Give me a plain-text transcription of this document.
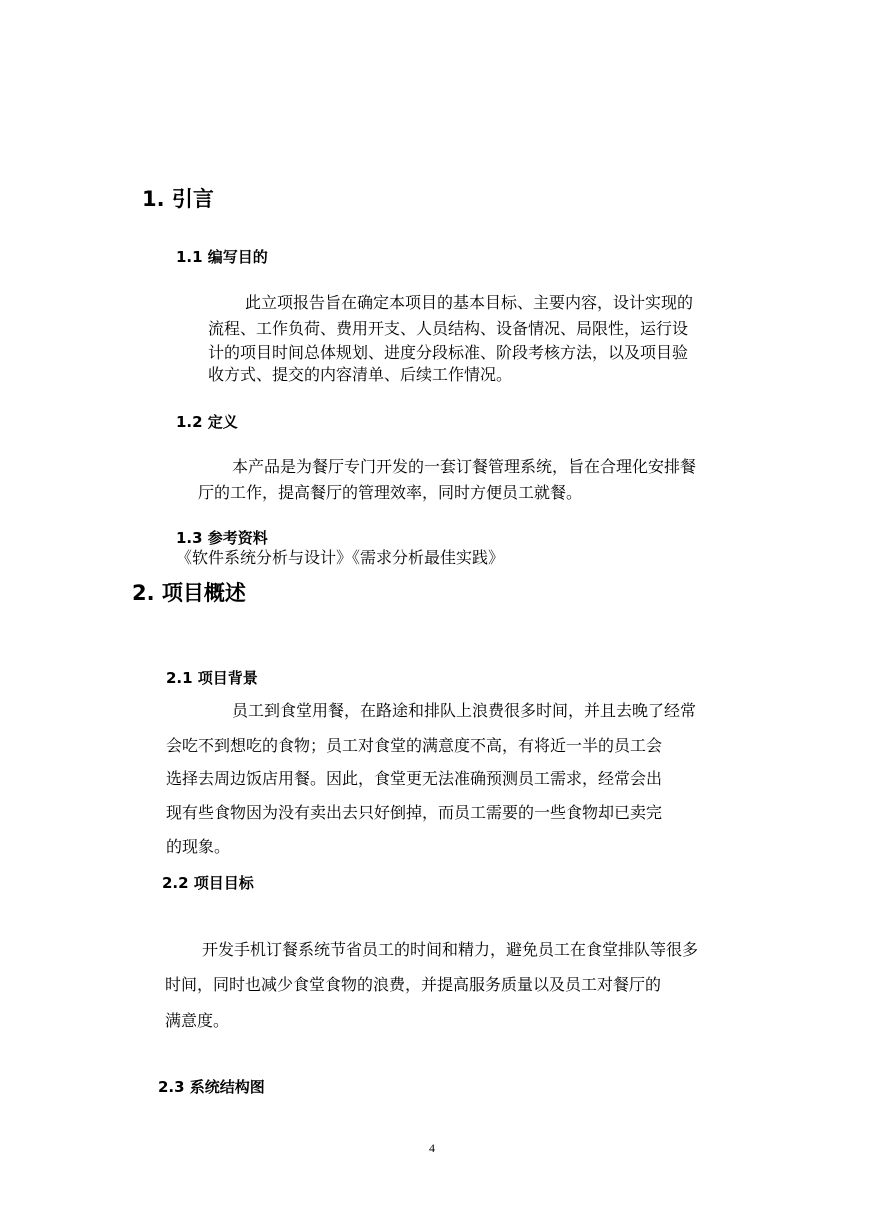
1. 引言
1.1 编写目的

此立项报告旨在确定本项目的基本目标、主要内容，设计实现的

流程、工作负荷、费用开支、人员结构、设备情况、局限性，运行设

计的项目时间总体规划、进度分段标准、阶段考核方法，以及项目验

收方式、提交的内容清单、后续工作情况。

1.2 定义

本产品是为餐厅专门开发的一套订餐管理系统，旨在合理化安排餐

厅的工作，提高餐厅的管理效率，同时方便员工就餐。

1.3 参考资料

《软件系统分析与设计》《需求分析最佳实践》

2. 项目概述
2.1 项目背景

员工到食堂用餐，在路途和排队上浪费很多时间，并且去晚了经常

会吃不到想吃的食物；员工对食堂的满意度不高，有将近一半的员工会

选择去周边饭店用餐。因此，食堂更无法准确预测员工需求，经常会出

现有些食物因为没有卖出去只好倒掉，而员工需要的一些食物却已卖完

的现象。

2.2 项目目标

开发手机订餐系统节省员工的时间和精力，避免员工在食堂排队等很多

时间，同时也减少食堂食物的浪费，并提高服务质量以及员工对餐厅的

满意度。

2.3 系统结构图
4
